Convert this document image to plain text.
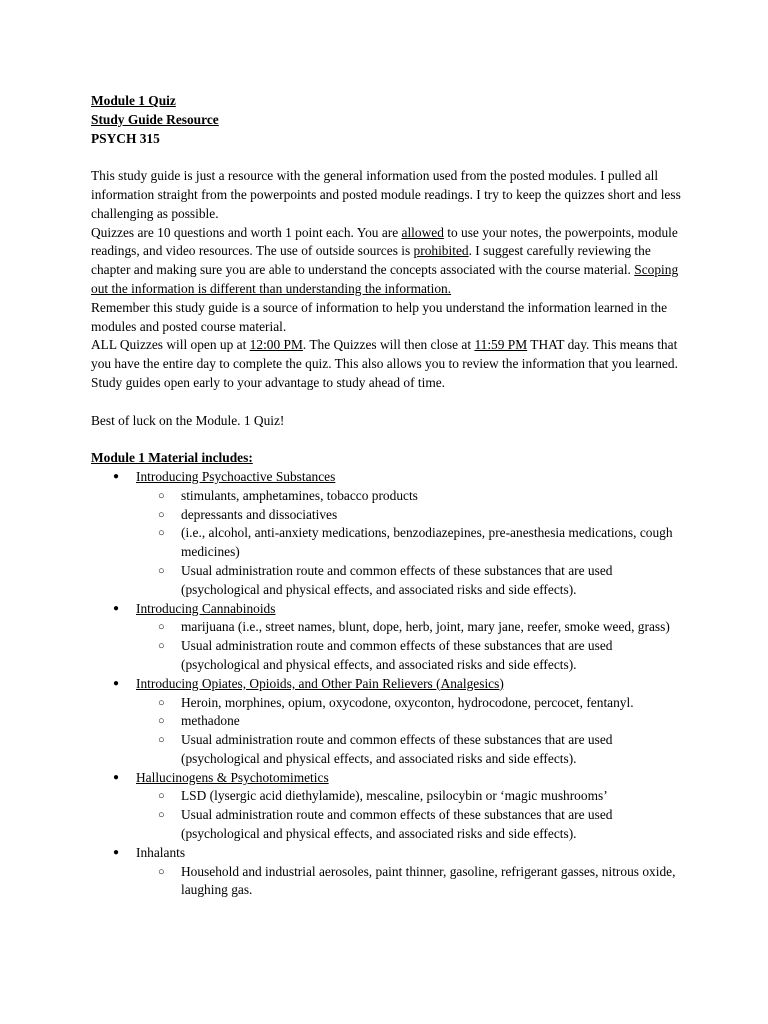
Module 1 Quiz

Study Guide Resource

PSYCH 315

This study guide is just a resource with the general information used from the posted modules. I pulled all information straight from the powerpoints and posted module readings. I try to keep the quizzes short and less challenging as possible.

Quizzes are 10 questions and worth 1 point each. You are allowed to use your notes, the powerpoints, module readings, and video resources. The use of outside sources is prohibited. I suggest carefully reviewing the chapter and making sure you are able to understand the concepts associated with the course material. Scoping out the information is different than understanding the information.

Remember this study guide is a source of information to help you understand the information learned in the modules and posted course material.

ALL Quizzes will open up at 12:00 PM. The Quizzes will then close at 11:59 PM THAT day. This means that you have the entire day to complete the quiz. This also allows you to review the information that you learned. Study guides open early to your advantage to study ahead of time.

Best of luck on the Module. 1 Quiz!

Module 1 Material includes:

● Introducing Psychoactive Substances
○ stimulants, amphetamines, tobacco products
○ depressants and dissociatives
○ (i.e., alcohol, anti-anxiety medications, benzodiazepines, pre-anesthesia medications, cough medicines)
○ Usual administration route and common effects of these substances that are used (psychological and physical effects, and associated risks and side effects).
● Introducing Cannabinoids
○ marijuana (i.e., street names, blunt, dope, herb, joint, mary jane, reefer, smoke weed, grass)
○ Usual administration route and common effects of these substances that are used (psychological and physical effects, and associated risks and side effects).
● Introducing Opiates, Opioids, and Other Pain Relievers (Analgesics)
○ Heroin, morphines, opium, oxycodone, oxyconton, hydrocodone, percocet, fentanyl.
○ methadone
○ Usual administration route and common effects of these substances that are used (psychological and physical effects, and associated risks and side effects).
● Hallucinogens & Psychotomimetics
○ LSD (lysergic acid diethylamide), mescaline, psilocybin or ‘magic mushrooms’
○ Usual administration route and common effects of these substances that are used (psychological and physical effects, and associated risks and side effects).
● Inhalants
○ Household and industrial aerosoles, paint thinner, gasoline, refrigerant gasses, nitrous oxide, laughing gas.
